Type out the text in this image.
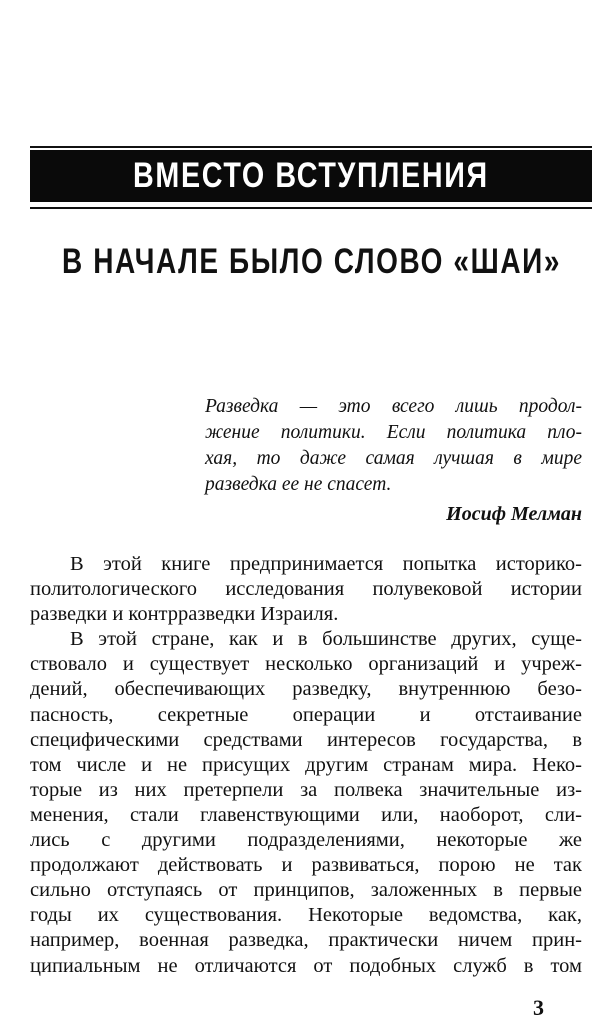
ВМЕСТО ВСТУПЛЕНИЯ
В НАЧАЛЕ БЫЛО СЛОВО «ШАИ»
Разведка — это всего лишь продол-
жение политики. Если политика пло-
хая, то даже самая лучшая в мире
разведка ее не спасет.
Иосиф Мелман
В этой книге предпринимается попытка историко-
политологического исследования полувековой истории
разведки и контрразведки Израиля.
В этой стране, как и в большинстве других, суще-
ствовало и существует несколько организаций и учреж-
дений, обеспечивающих разведку, внутреннюю безо-
пасность, секретные операции и отстаивание
специфическими средствами интересов государства, в
том числе и не присущих другим странам мира. Неко-
торые из них претерпели за полвека значительные из-
менения, стали главенствующими или, наоборот, сли-
лись с другими подразделениями, некоторые же
продолжают действовать и развиваться, порою не так
сильно отступаясь от принципов, заложенных в первые
годы их существования. Некоторые ведомства, как,
например, военная разведка, практически ничем прин-
ципиальным не отличаются от подобных служб в том
3
